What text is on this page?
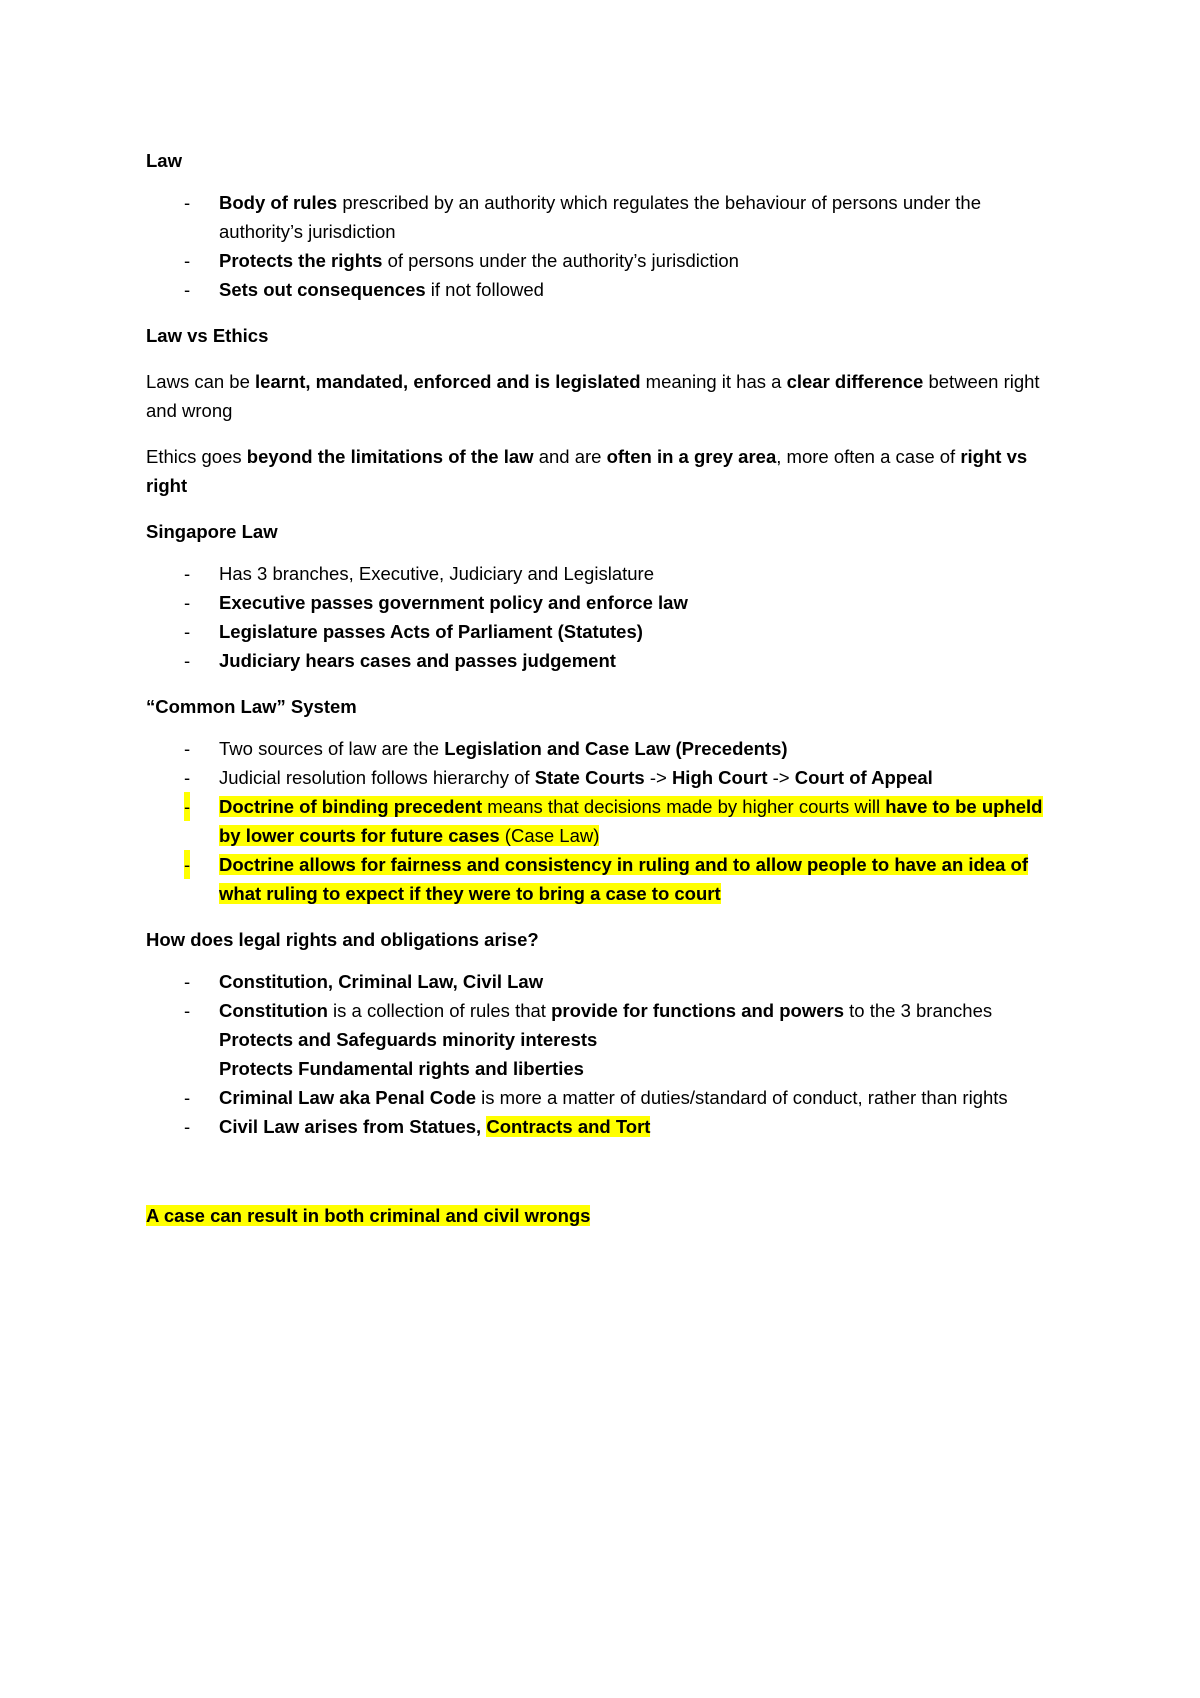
Law

- Body of rules prescribed by an authority which regulates the behaviour of persons under the authority’s jurisdiction
- Protects the rights of persons under the authority’s jurisdiction
- Sets out consequences if not followed

Law vs Ethics

Laws can be learnt, mandated, enforced and is legislated meaning it has a clear difference between right and wrong

Ethics goes beyond the limitations of the law and are often in a grey area, more often a case of right vs right

Singapore Law

- Has 3 branches, Executive, Judiciary and Legislature
- Executive passes government policy and enforce law
- Legislature passes Acts of Parliament (Statutes)
- Judiciary hears cases and passes judgement

“Common Law” System

- Two sources of law are the Legislation and Case Law (Precedents)
- Judicial resolution follows hierarchy of State Courts -> High Court -> Court of Appeal
- Doctrine of binding precedent means that decisions made by higher courts will have to be upheld by lower courts for future cases (Case Law)
- Doctrine allows for fairness and consistency in ruling and to allow people to have an idea of what ruling to expect if they were to bring a case to court

How does legal rights and obligations arise?

- Constitution, Criminal Law, Civil Law
- Constitution is a collection of rules that provide for functions and powers to the 3 branches
Protects and Safeguards minority interests
Protects Fundamental rights and liberties
- Criminal Law aka Penal Code is more a matter of duties/standard of conduct, rather than rights
- Civil Law arises from Statues, Contracts and Tort

A case can result in both criminal and civil wrongs
